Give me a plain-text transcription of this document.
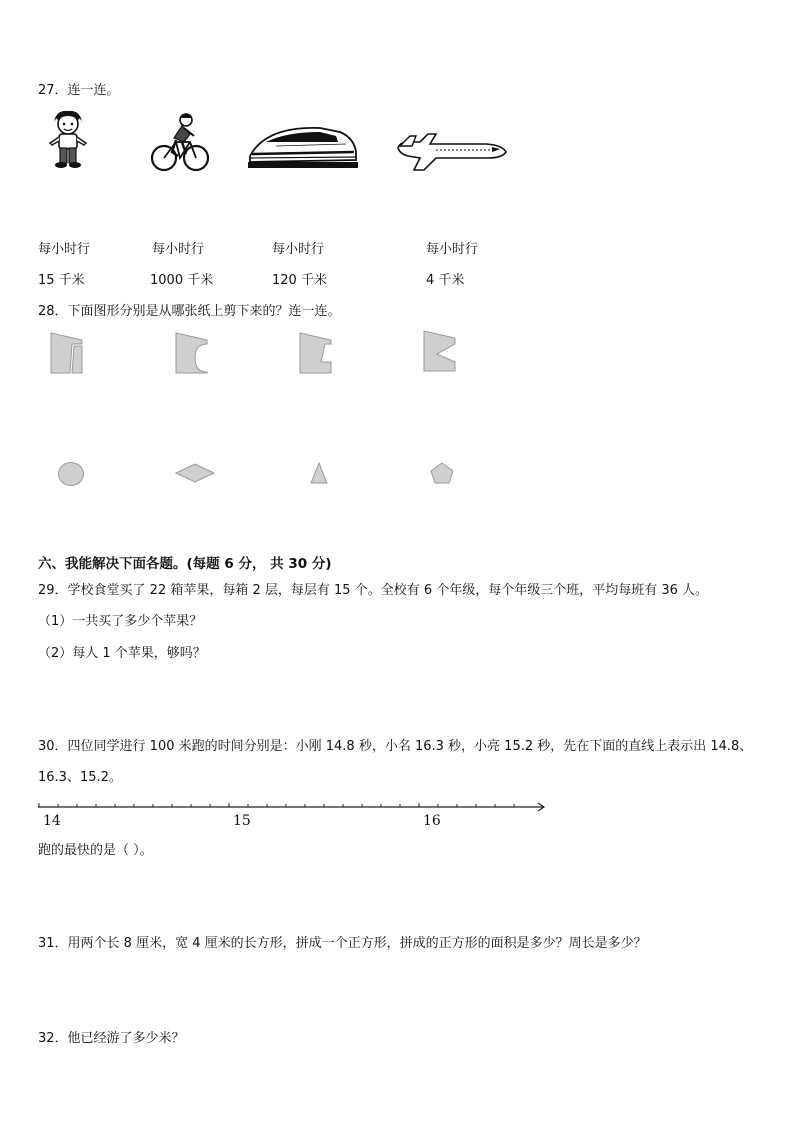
27．连一连。
每小时行	每小时行	每小时行	每小时行
15 千米	1000 千米	120 千米	4 千米
28．下面图形分别是从哪张纸上剪下来的？连一连。
六、我能解决下面各题。(每题 6 分， 共 30 分)
29．学校食堂买了 22 箱苹果，每箱 2 层，每层有 15 个。全校有 6 个年级，每个年级三个班，平均每班有 36 人。
（1）一共买了多少个苹果？
（2）每人 1 个苹果，够吗？
30．四位同学进行 100 米跑的时间分别是：小刚 14.8 秒，小名 16.3 秒，小亮 15.2 秒，先在下面的直线上表示出 14.8、
16.3、15.2。
14	15	16
跑的最快的是（ ）。
31．用两个长 8 厘米，宽 4 厘米的长方形，拼成一个正方形，拼成的正方形的面积是多少？周长是多少？
32．他已经游了多少米？
